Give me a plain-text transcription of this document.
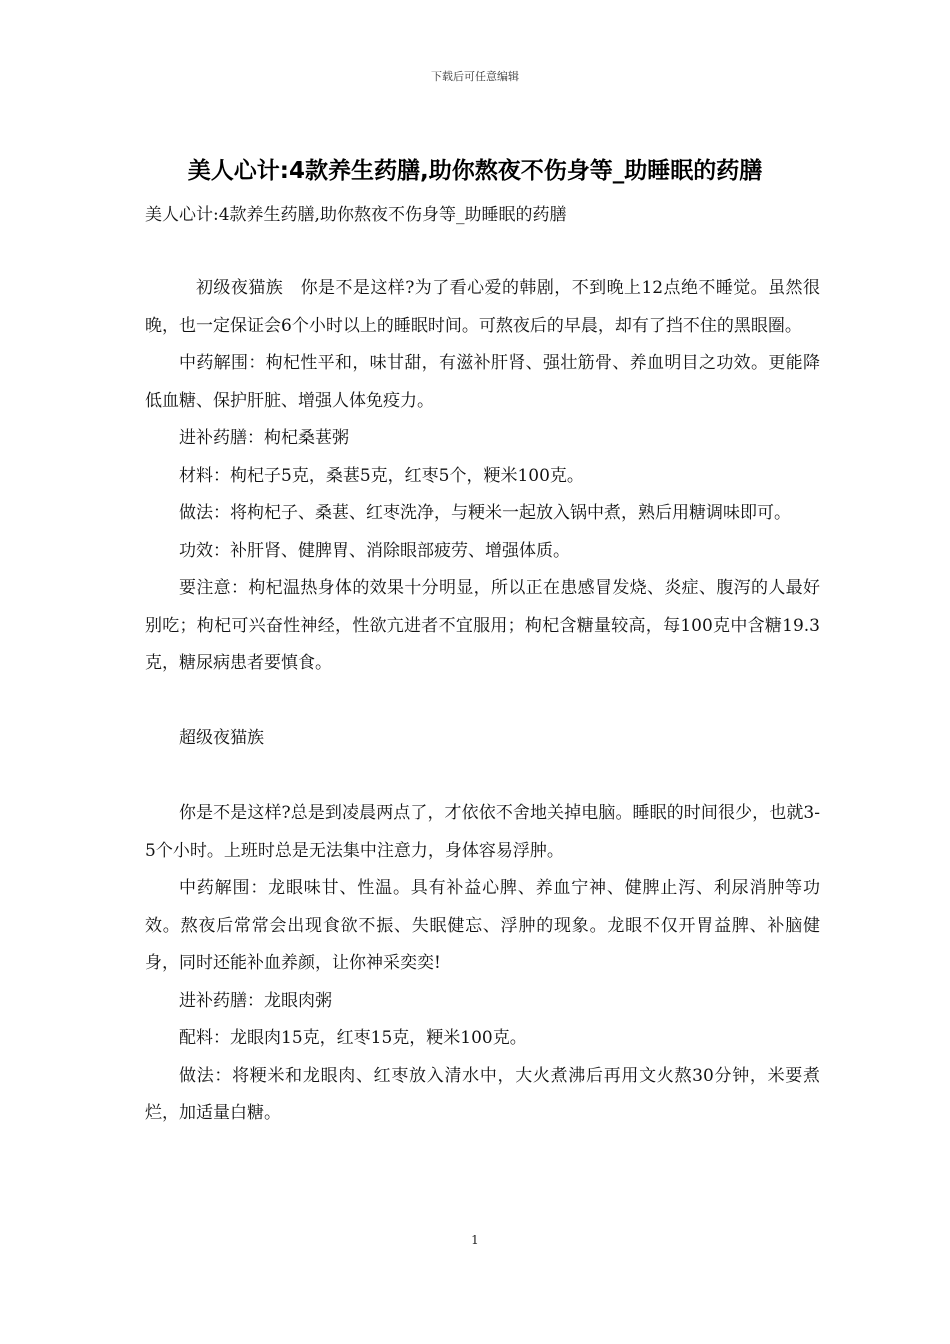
下载后可任意编辑
美人心计:4款养生药膳,助你熬夜不伤身等_助睡眠的药膳
美人心计:4款养生药膳,助你熬夜不伤身等_助睡眠的药膳

初级夜猫族　你是不是这样?为了看心爱的韩剧，不到晚上12点绝不睡觉。虽然很晚，也一定保证会6个小时以上的睡眠时间。可熬夜后的早晨，却有了挡不住的黑眼圈。

中药解围：枸杞性平和，味甘甜，有滋补肝肾、强壮筋骨、养血明目之功效。更能降低血糖、保护肝脏、增强人体免疫力。

进补药膳：枸杞桑葚粥

材料：枸杞子5克，桑葚5克，红枣5个，粳米100克。

做法：将枸杞子、桑葚、红枣洗净，与粳米一起放入锅中煮，熟后用糖调味即可。

功效：补肝肾、健脾胃、消除眼部疲劳、增强体质。

要注意：枸杞温热身体的效果十分明显，所以正在患感冒发烧、炎症、腹泻的人最好别吃；枸杞可兴奋性神经，性欲亢进者不宜服用；枸杞含糖量较高，每100克中含糖19.3克，糖尿病患者要慎食。

超级夜猫族

你是不是这样?总是到凌晨两点了，才依依不舍地关掉电脑。睡眠的时间很少，也就3-5个小时。上班时总是无法集中注意力，身体容易浮肿。

中药解围：龙眼味甘、性温。具有补益心脾、养血宁神、健脾止泻、利尿消肿等功效。熬夜后常常会出现食欲不振、失眠健忘、浮肿的现象。龙眼不仅开胃益脾、补脑健身，同时还能补血养颜，让你神采奕奕!

进补药膳：龙眼肉粥

配料：龙眼肉15克，红枣15克，粳米100克。

做法：将粳米和龙眼肉、红枣放入清水中，大火煮沸后再用文火熬30分钟，米要煮烂，加适量白糖。

1
